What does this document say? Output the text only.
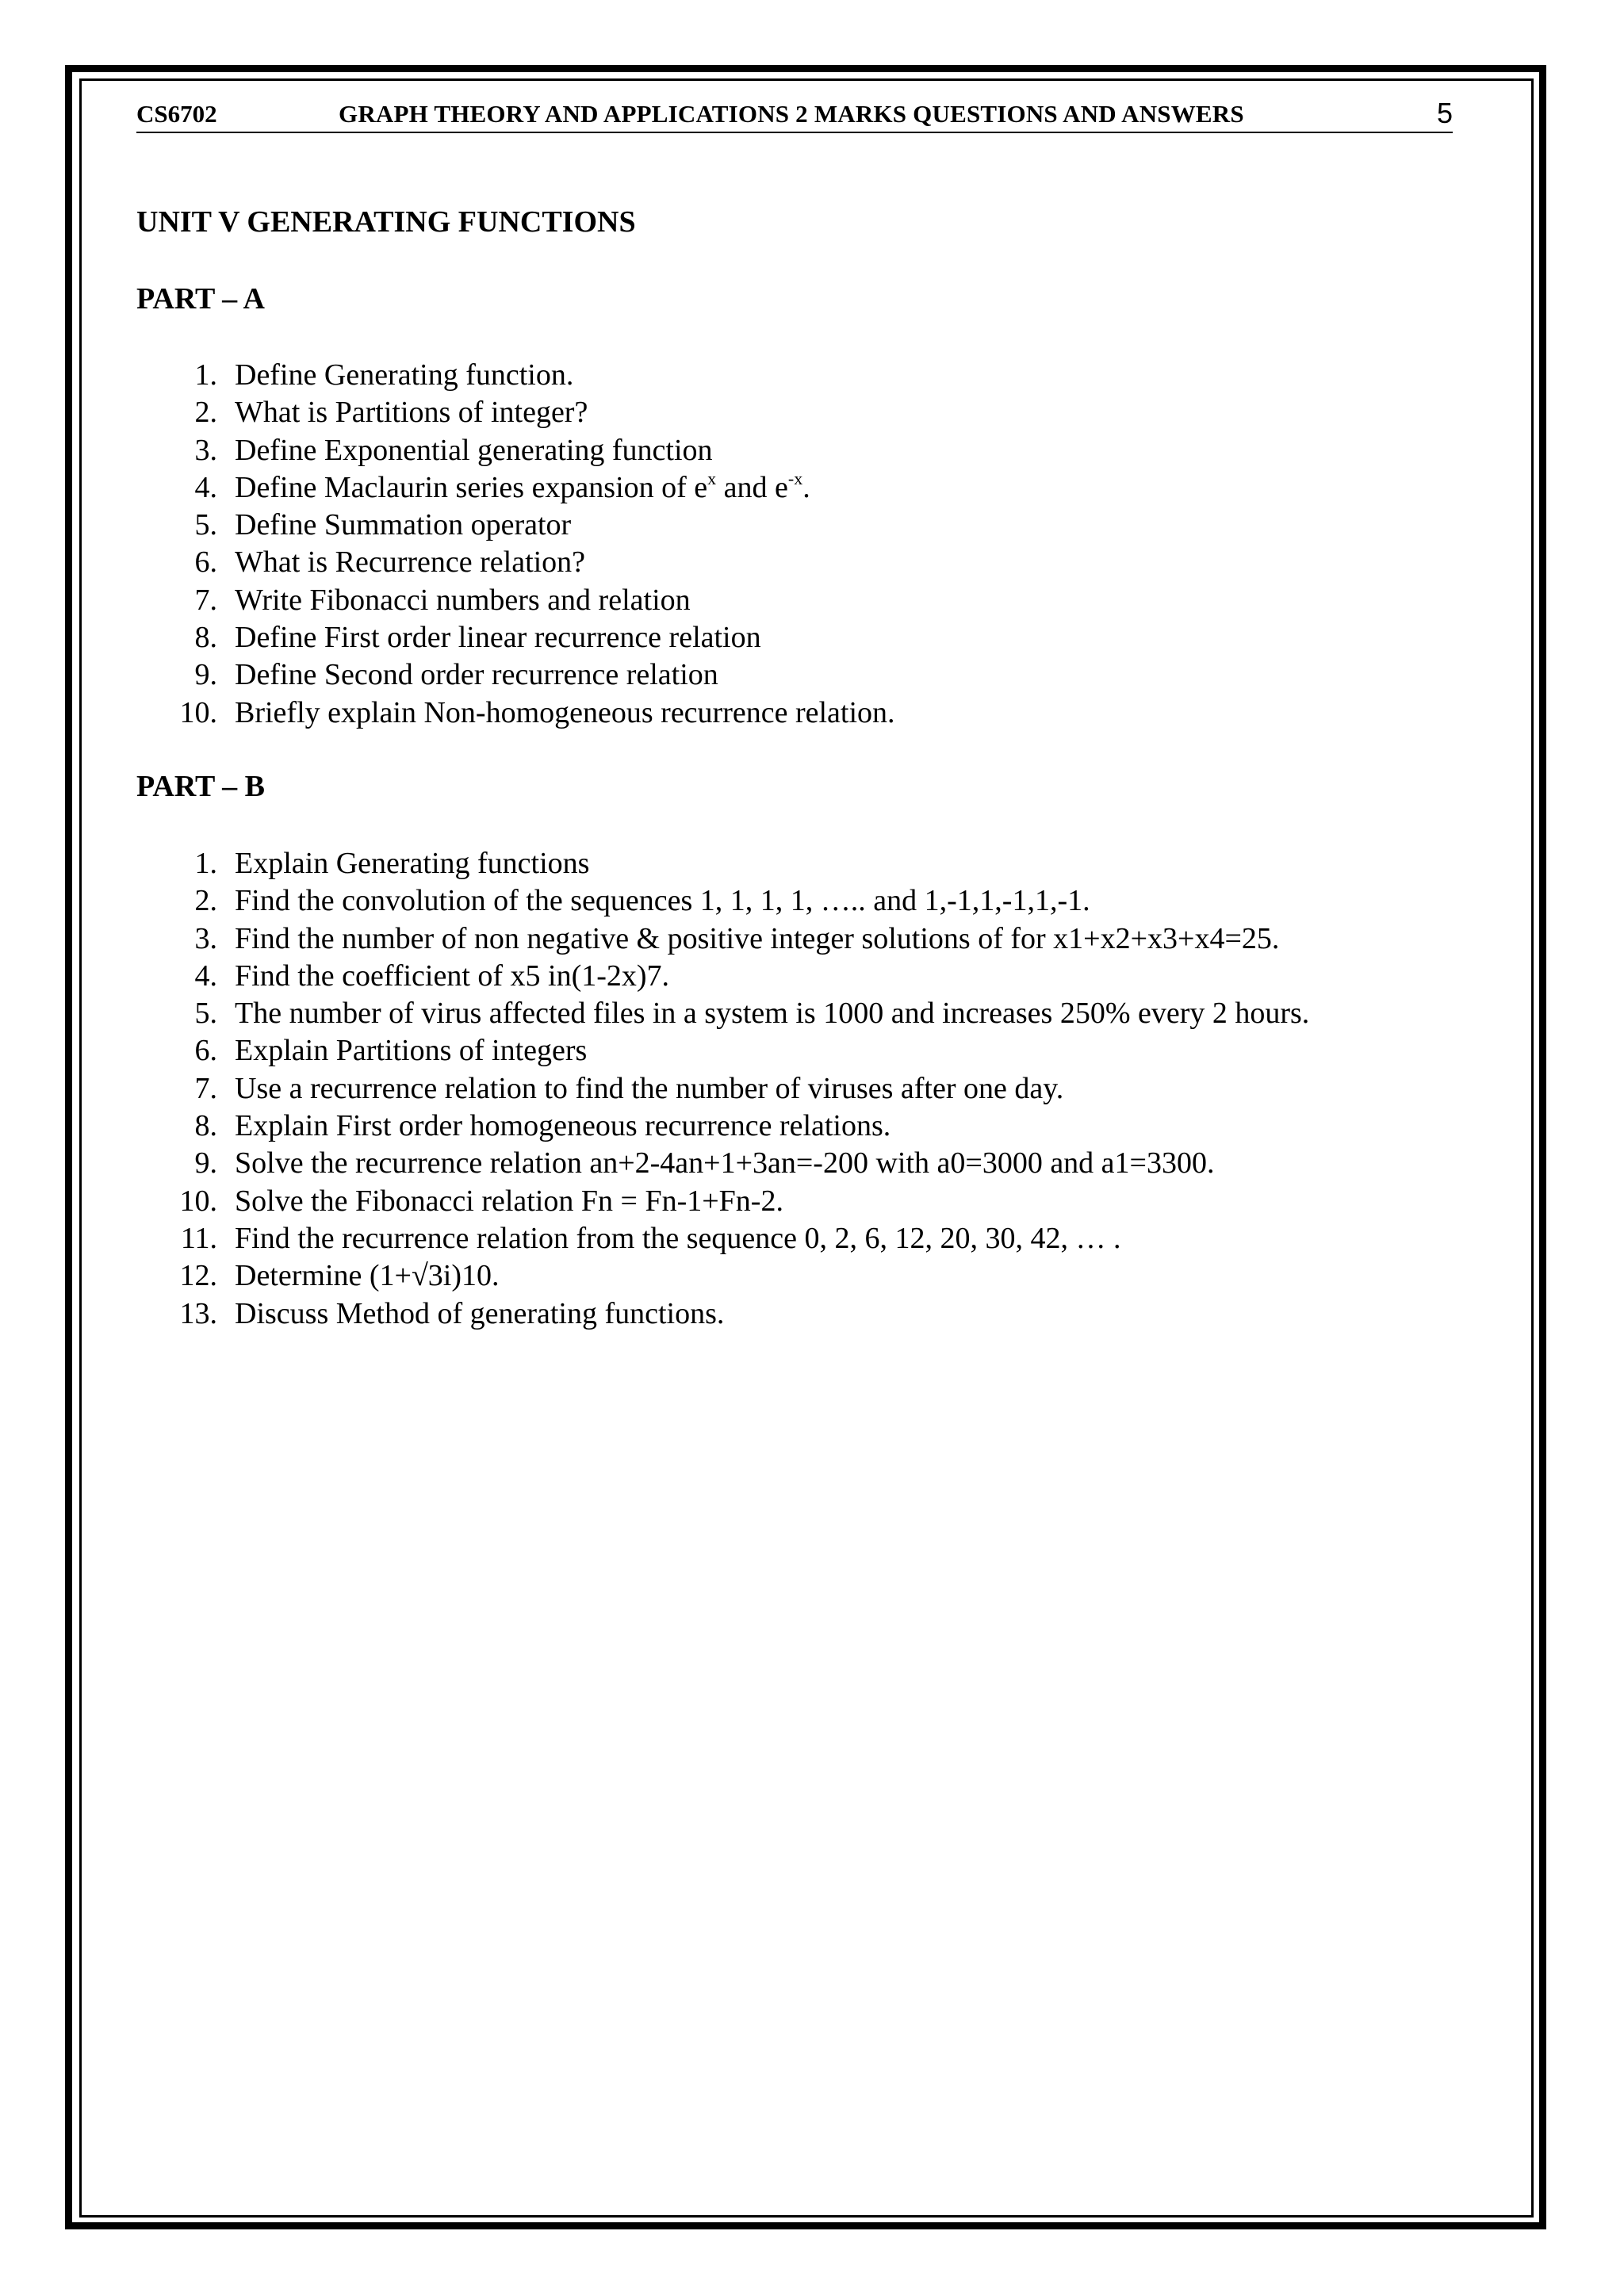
CS6702	GRAPH THEORY AND APPLICATIONS 2 MARKS QUESTIONS AND ANSWERS	5
UNIT V GENERATING FUNCTIONS
PART – A
1. Define Generating function.
2. What is Partitions of integer?
3. Define Exponential generating function
4. Define Maclaurin series expansion of $e^x$ and $e^{-x}$.
5. Define Summation operator
6. What is Recurrence relation?
7. Write Fibonacci numbers and relation
8. Define First order linear recurrence relation
9. Define Second order recurrence relation
10. Briefly explain Non-homogeneous recurrence relation.
PART – B
1. Explain Generating functions
2. Find the convolution of the sequences 1, 1, 1, 1, ….. and 1,-1,1,-1,1,-1.
3. Find the number of non negative & positive integer solutions of for x1+x2+x3+x4=25.
4. Find the coefficient of x5 in(1-2x)7.
5. The number of virus affected files in a system is 1000 and increases 250% every 2 hours.
6. Explain Partitions of integers
7. Use a recurrence relation to find the number of viruses after one day.
8. Explain First order homogeneous recurrence relations.
9. Solve the recurrence relation an+2-4an+1+3an=-200 with a0=3000 and a1=3300.
10. Solve the Fibonacci relation Fn = Fn-1+Fn-2.
11. Find the recurrence relation from the sequence 0, 2, 6, 12, 20, 30, 42, … .
12. Determine (1+√3i)10.
13. Discuss Method of generating functions.
